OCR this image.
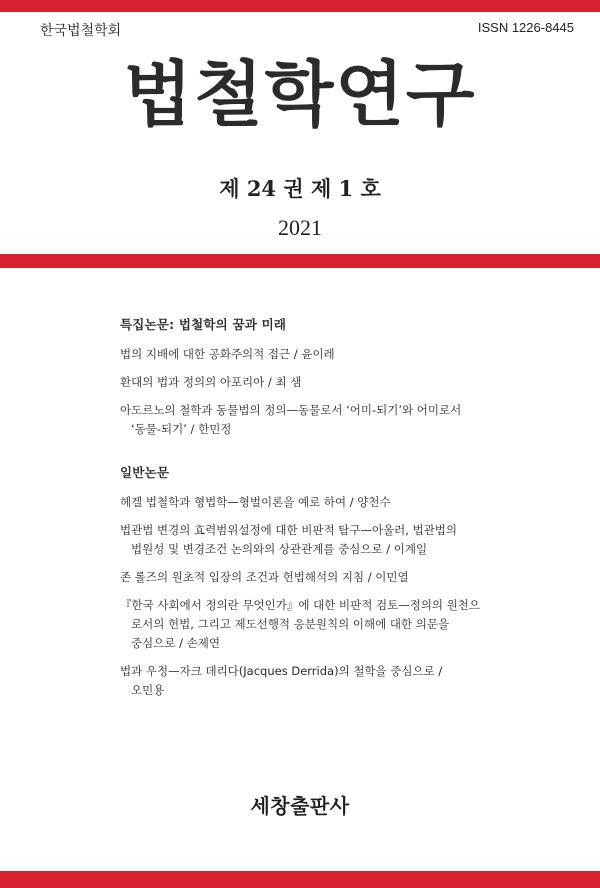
한국법철학회	ISSN 1226-8445
법철학연구
제 24 권 제 1 호
2021
특집논문: 법철학의 꿈과 미래
법의 지배에 대한 공화주의적 접근 / 윤이레
환대의 법과 정의의 아포리아 / 최 샘
아도르노의 철학과 동물법의 정의—동물로서 ‘어미-되기’와 어미로서
‘동물-되기’ / 한민정
일반논문
헤겔 법철학과 형법학—형벌이론을 예로 하여 / 양천수
법관법 변경의 효력범위설정에 대한 비판적 탐구—아울러, 법관법의
법원성 및 변경조건 논의와의 상관관계를 중심으로 / 이계일
존 롤즈의 원초적 입장의 조건과 헌법해석의 지침 / 이민열
『한국 사회에서 정의란 무엇인가』에 대한 비판적 검토—정의의 원천으
로서의 헌법, 그리고 제도선행적 응분원칙의 이해에 대한 의문을
중심으로 / 손제연
법과 우정—자크 데리다(Jacques Derrida)의 철학을 중심으로 /
오민용
세창출판사
